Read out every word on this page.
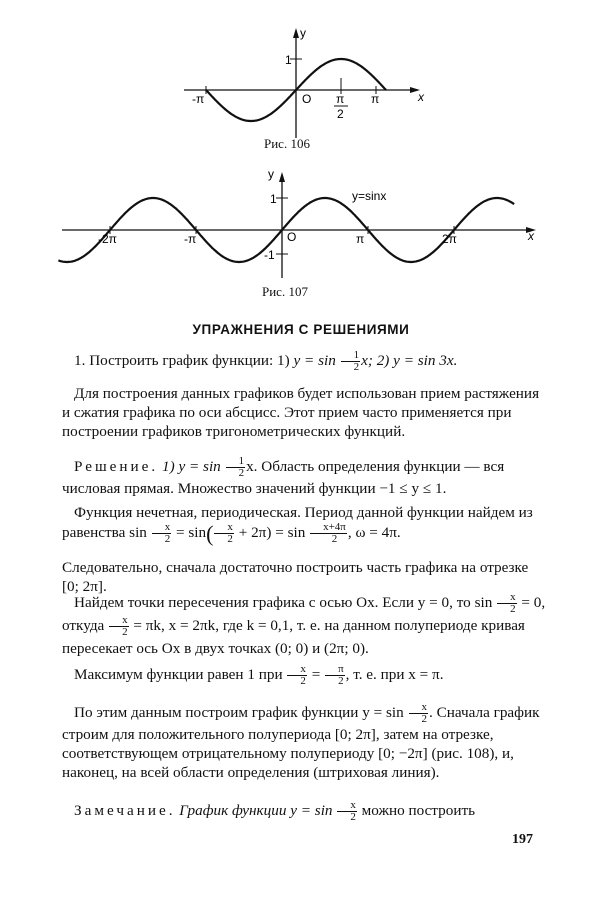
y
x
1
O
-π	π
π
2
Рис. 106
-2π	-π	π	2π
y
x
1
-1
O
y=sinx
Рис. 107
УПРАЖНЕНИЯ С РЕШЕНИЯМИ
1. Построить график функции: 1) $y = \sin \frac{1}{2} x$; 2) y = sin 3x.
Для построения данных графиков будет использован прием растяжения и сжатия графика по оси абсцисс. Этот прием часто применяется при построении графиков тригонометрических функций.
Решение. 1) $y = \sin \frac{1}{2} x$. Область определения функции — вся числовая прямая. Множество значений функции −1 ≤ y ≤ 1.
Функция нечетная, периодическая. Период данной функции найдем из равенства $\sin \frac{x}{2} = \sin( \frac{x}{2} + 2\pi) = \sin \frac{x+4\pi}{2}$ , ω = 4π.
Следовательно, сначала достаточно построить часть графика на отрезке [0; 2π].
Найдем точки пересечения графика с осью Ox. Если y = 0, то $\sin \frac{x}{2} = 0$, откуда $\frac{x}{2} = \pi k$, x = 2πk, где k = 0,1, т. е. на данном полупериоде кривая пересекает ось Ox в двух точках (0; 0) и (2π; 0).
Максимум функции равен 1 при $\frac{x}{2} = \frac{\pi}{2}$ , т. е. при x = π.
По этим данным построим график функции $y = \sin \frac{x}{2}$ . Сначала график строим для положительного полупериода [0; 2π], затем на отрезке, соответствующем отрицательному полупериоду [0; −2π] (рис. 108), и, наконец, на всей области определения (штриховая линия).
Замечание. График функции $y = \sin \frac{x}{2}$ можно построить
197
